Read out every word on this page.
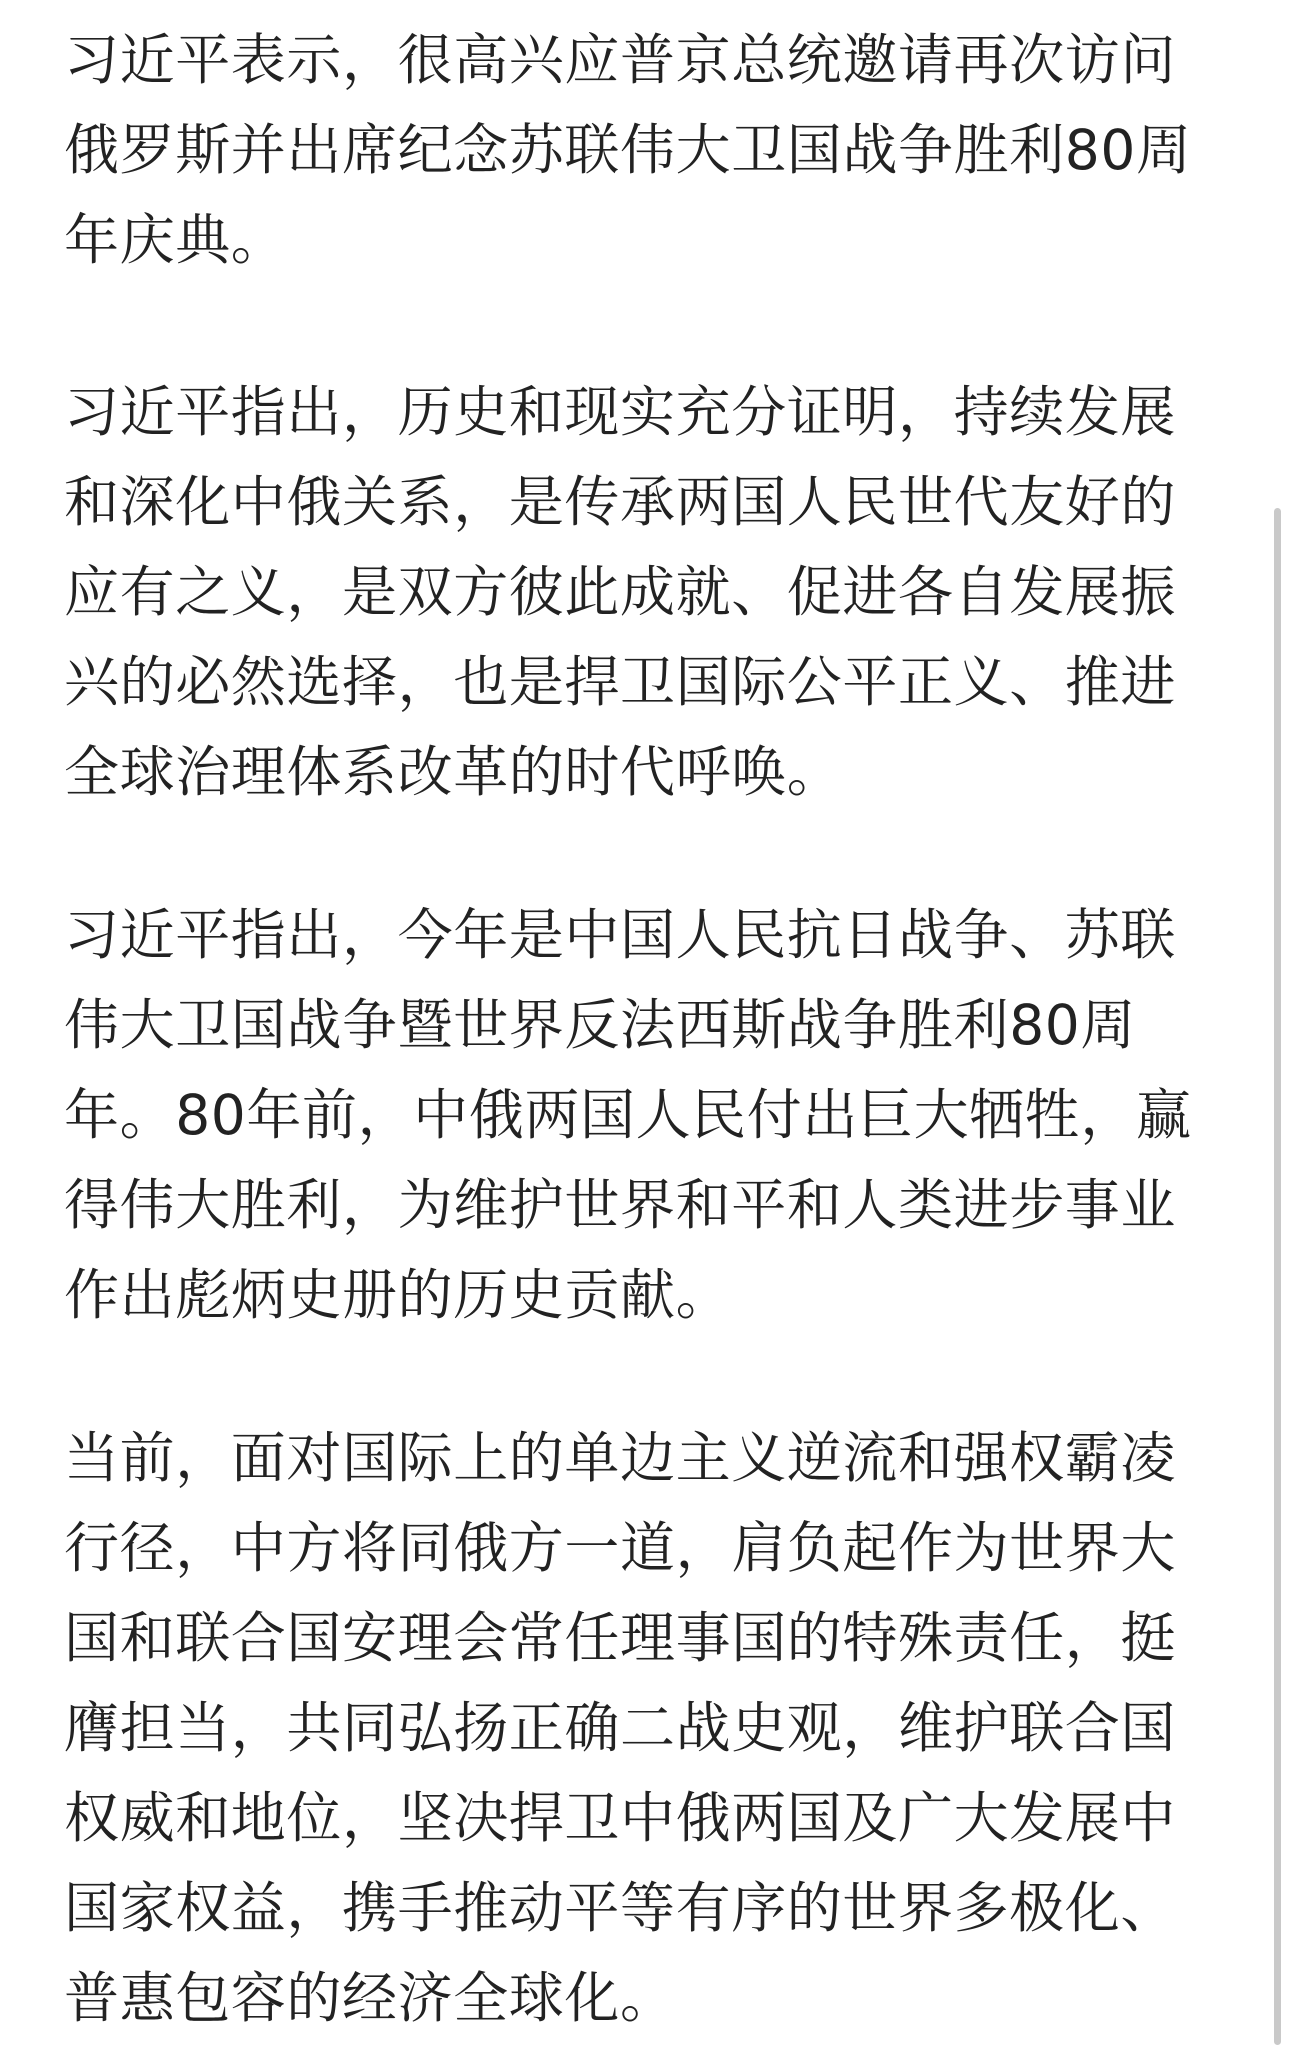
习近平表示，很高兴应普京总统邀请再次访问俄罗斯并出席纪念苏联伟大卫国战争胜利80周年庆典。

习近平指出，历史和现实充分证明，持续发展和深化中俄关系，是传承两国人民世代友好的应有之义，是双方彼此成就、促进各自发展振兴的必然选择，也是捍卫国际公平正义、推进全球治理体系改革的时代呼唤。

习近平指出，今年是中国人民抗日战争、苏联伟大卫国战争暨世界反法西斯战争胜利80周年。80年前，中俄两国人民付出巨大牺牲，赢得伟大胜利，为维护世界和平和人类进步事业作出彪炳史册的历史贡献。

当前，面对国际上的单边主义逆流和强权霸凌行径，中方将同俄方一道，肩负起作为世界大国和联合国安理会常任理事国的特殊责任，挺膺担当，共同弘扬正确二战史观，维护联合国权威和地位，坚决捍卫中俄两国及广大发展中国家权益，携手推动平等有序的世界多极化、普惠包容的经济全球化。
